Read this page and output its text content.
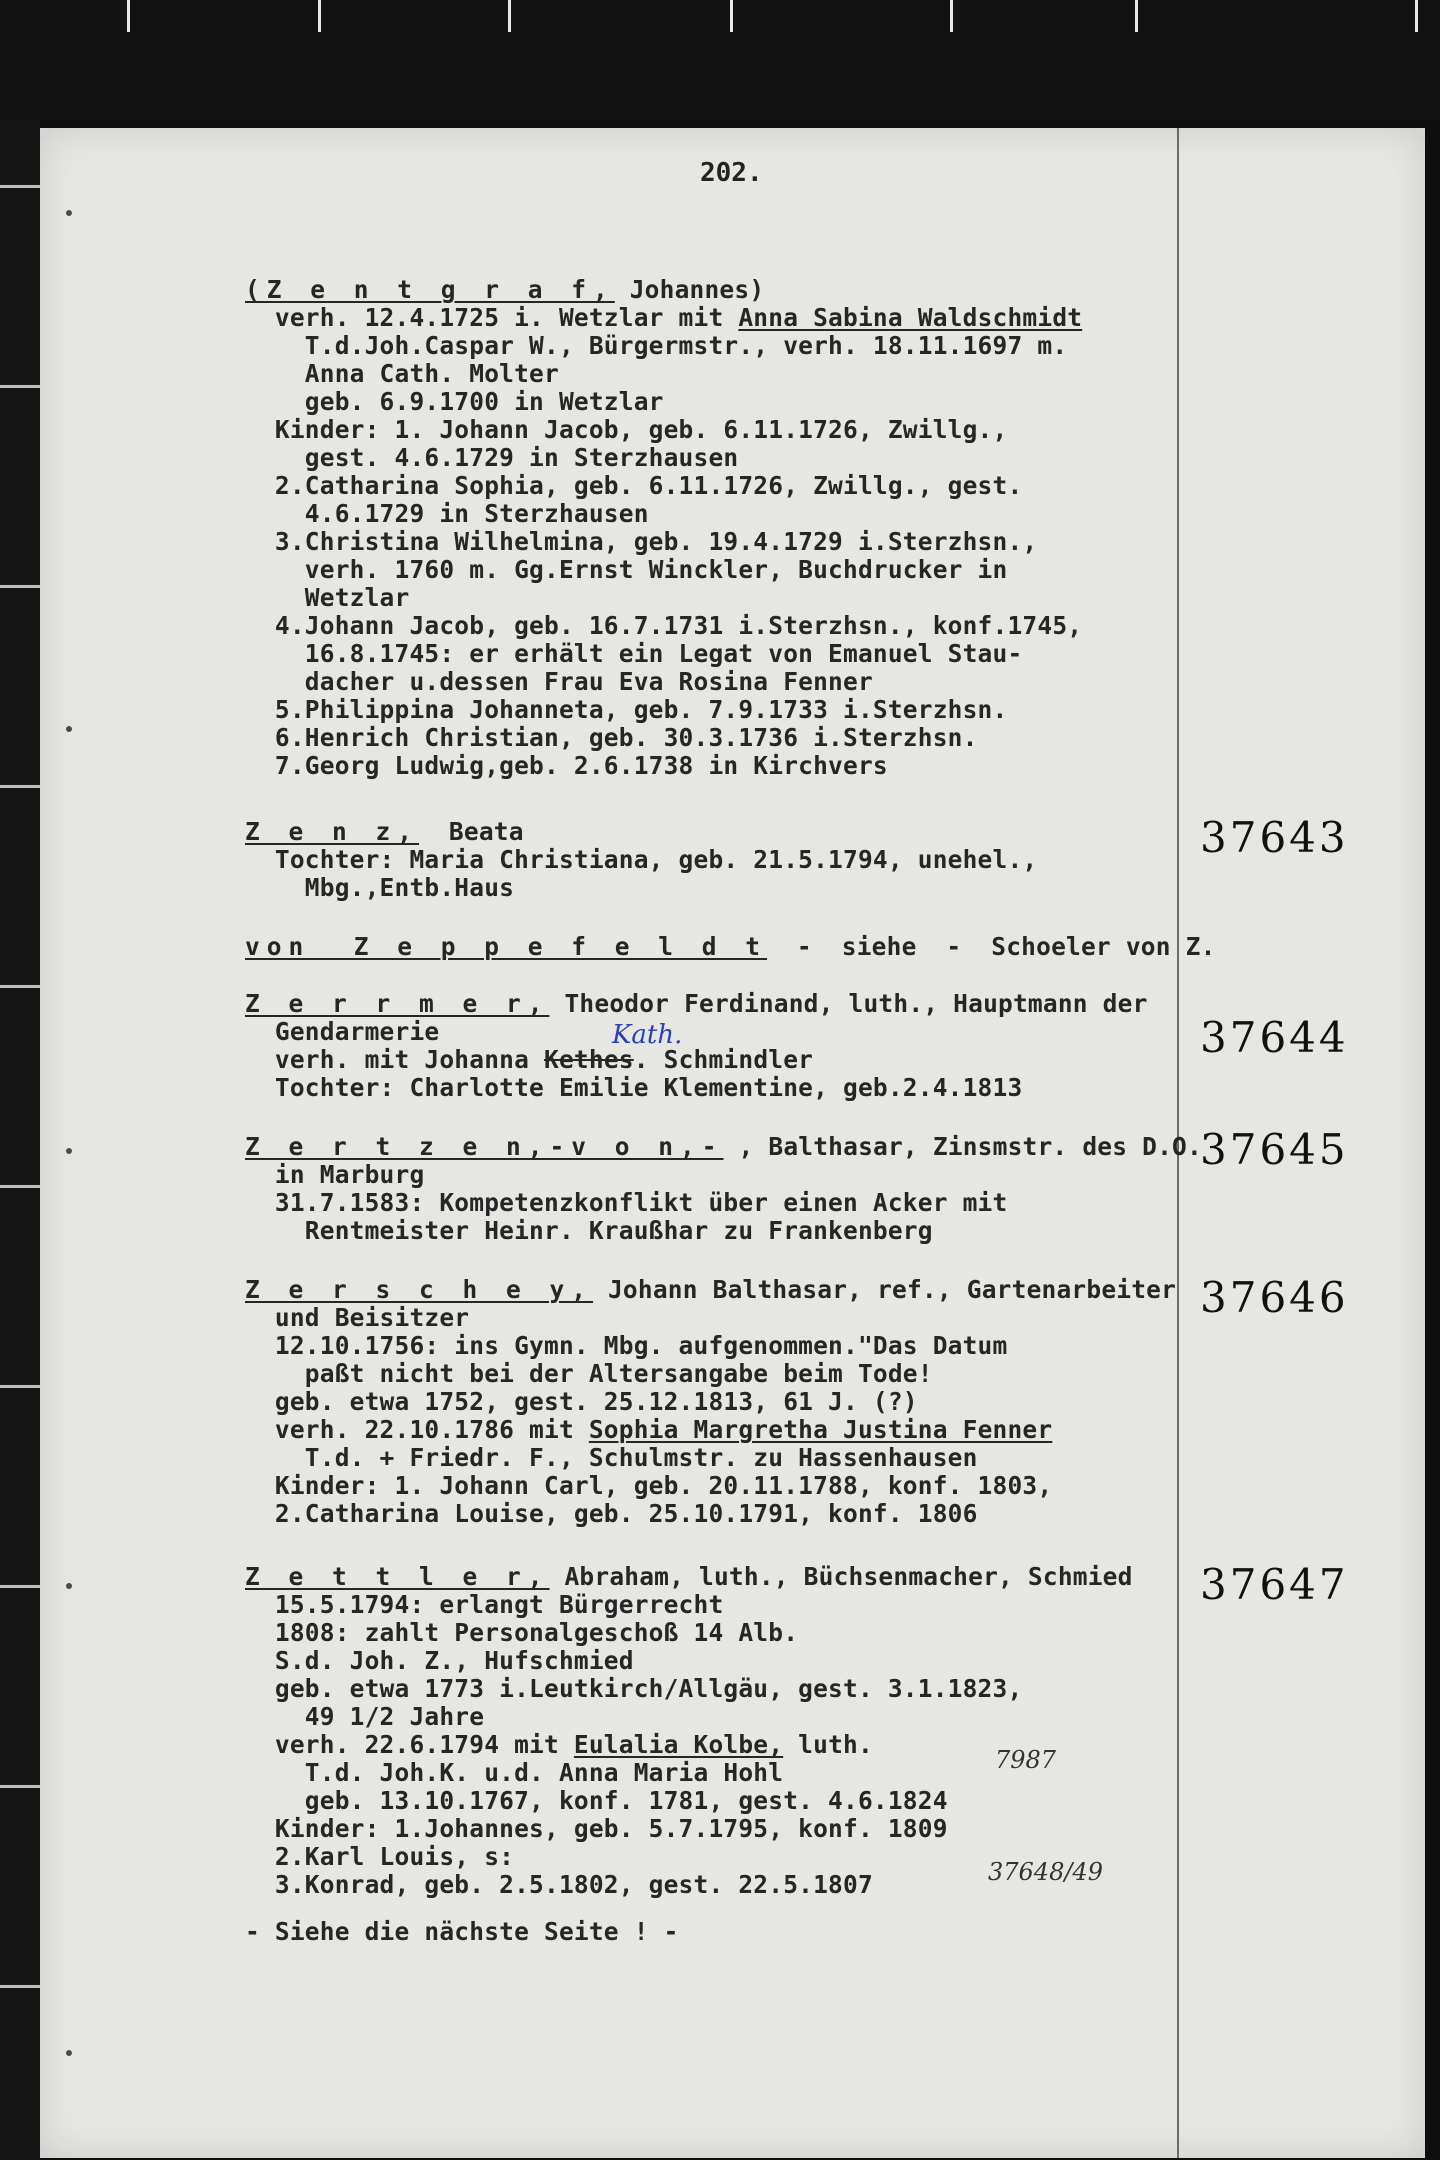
202.
(Z e n t g r a f, Johannes)
verh. 12.4.1725 i. Wetzlar mit Anna Sabina Waldschmidt
T.d.Joh.Caspar W., Bürgermstr., verh. 18.11.1697 m.
Anna Cath. Molter
geb. 6.9.1700 in Wetzlar
Kinder: 1. Johann Jacob, geb. 6.11.1726, Zwillg.,
gest. 4.6.1729 in Sterzhausen
2.Catharina Sophia, geb. 6.11.1726, Zwillg., gest.
4.6.1729 in Sterzhausen
3.Christina Wilhelmina, geb. 19.4.1729 i.Sterzhsn.,
verh. 1760 m. Gg.Ernst Winckler, Buchdrucker in
Wetzlar
4.Johann Jacob, geb. 16.7.1731 i.Sterzhsn., konf.1745,
16.8.1745: er erhält ein Legat von Emanuel Stau-
dacher u.dessen Frau Eva Rosina Fenner
5.Philippina Johanneta, geb. 7.9.1733 i.Sterzhsn.
6.Henrich Christian, geb. 30.3.1736 i.Sterzhsn.
7.Georg Ludwig,geb. 2.6.1738 in Kirchvers
37643
Z e n z,  Beata
Tochter: Maria Christiana, geb. 21.5.1794, unehel.,
Mbg.,Entb.Haus
von  Z e p p e f e l d t  -  siehe  -  Schoeler von Z.
37644
Z e r r m e r, Theodor Ferdinand, luth., Hauptmann der
Gendarmerie	Kath.
verh. mit Johanna Kethes. Schmindler
Tochter: Charlotte Emilie Klementine, geb.2.4.1813
37645
Z e r t z e n,-v o n,- , Balthasar, Zinsmstr. des D.O.
in Marburg
31.7.1583: Kompetenzkonflikt über einen Acker mit
Rentmeister Heinr. Kraußhar zu Frankenberg
37646
Z e r s c h e y, Johann Balthasar, ref., Gartenarbeiter
und Beisitzer
12.10.1756: ins Gymn. Mbg. aufgenommen."Das Datum
paßt nicht bei der Altersangabe beim Tode!
geb. etwa 1752, gest. 25.12.1813, 61 J. (?)
verh. 22.10.1786 mit Sophia Margretha Justina Fenner
T.d. + Friedr. F., Schulmstr. zu Hassenhausen
Kinder: 1. Johann Carl, geb. 20.11.1788, konf. 1803,
2.Catharina Louise, geb. 25.10.1791, konf. 1806
37647
Z e t t l e r, Abraham, luth., Büchsenmacher, Schmied
15.5.1794: erlangt Bürgerrecht
1808: zahlt Personalgeschoß 14 Alb.
S.d. Joh. Z., Hufschmied
geb. etwa 1773 i.Leutkirch/Allgäu, gest. 3.1.1823,
49 1/2 Jahre
verh. 22.6.1794 mit Eulalia Kolbe, luth.
T.d. Joh.K. u.d. Anna Maria Hohl	7987
geb. 13.10.1767, konf. 1781, gest. 4.6.1824
Kinder: 1.Johannes, geb. 5.7.1795, konf. 1809
2.Karl Louis, s:
3.Konrad, geb. 2.5.1802, gest. 22.5.1807	37648/49
- Siehe die nächste Seite ! -
